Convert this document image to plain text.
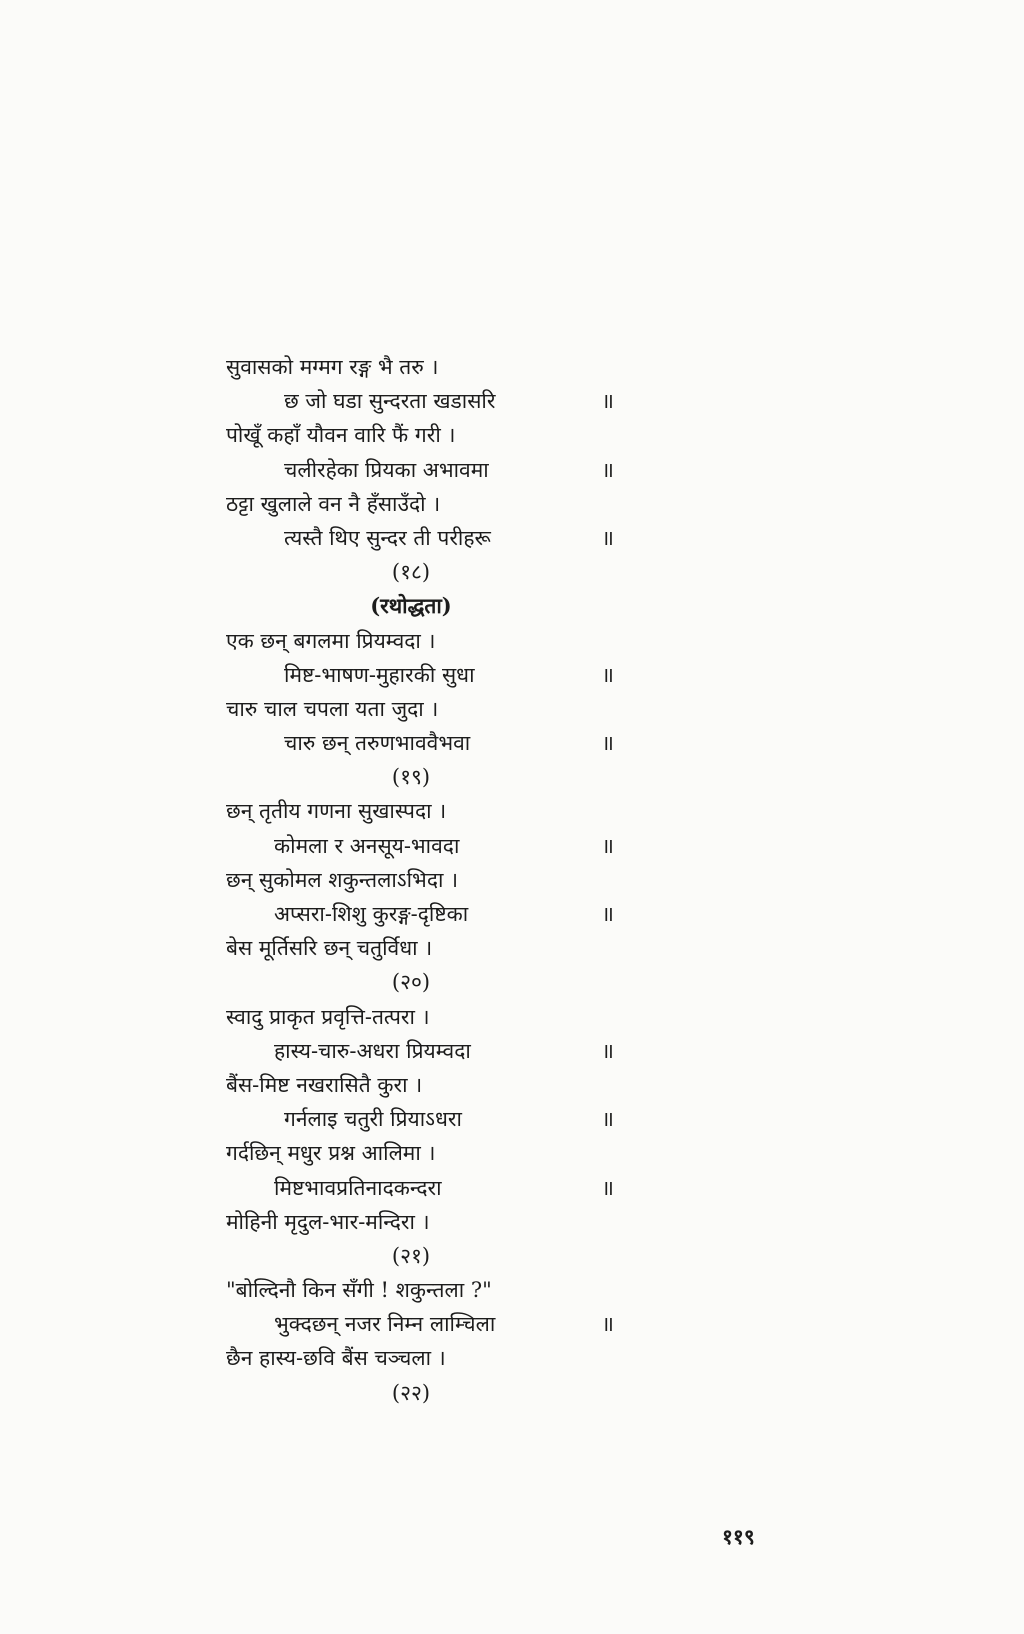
सुवासको मग्मग रङ्ग भै तरु ।
छ जो घडा सुन्दरता खडासरि	॥
पोखूँ कहाँ यौवन वारि फैं गरी ।
चलीरहेका प्रियका अभावमा	॥
ठट्टा खुलाले वन नै हँसाउँदो ।
त्यस्तै थिए सुन्दर ती परीहरू	॥
(१८)
(रथोद्धता)
एक छन् बगलमा प्रियम्वदा ।
मिष्ट-भाषण-मुहारकी सुधा	॥
चारु चाल चपला यता जुदा ।
चारु छन् तरुणभाववैभवा	॥
(१९)
छन् तृतीय गणना सुखास्पदा ।
कोमला र अनसूय-भावदा	॥
छन् सुकोमल शकुन्तलाऽभिदा ।
अप्सरा-शिशु कुरङ्ग-दृष्टिका	॥
बेस मूर्तिसरि छन् चतुर्विधा ।
(२०)
स्वादु प्राकृत प्रवृत्ति-तत्परा ।
हास्य-चारु-अधरा प्रियम्वदा	॥
बैंस-मिष्ट नखरासितै कुरा ।
गर्नलाइ चतुरी प्रियाऽधरा	॥
गर्दछिन् मधुर प्रश्न आलिमा ।
मिष्टभावप्रतिनादकन्दरा	॥
मोहिनी मृदुल-भार-मन्दिरा ।
(२१)
"बोल्दिनौ किन सँगी ! शकुन्तला ?"
भुक्दछन् नजर निम्न लाम्चिला	॥
छैन हास्य-छवि बैंस चञ्चला ।
(२२)
११९
